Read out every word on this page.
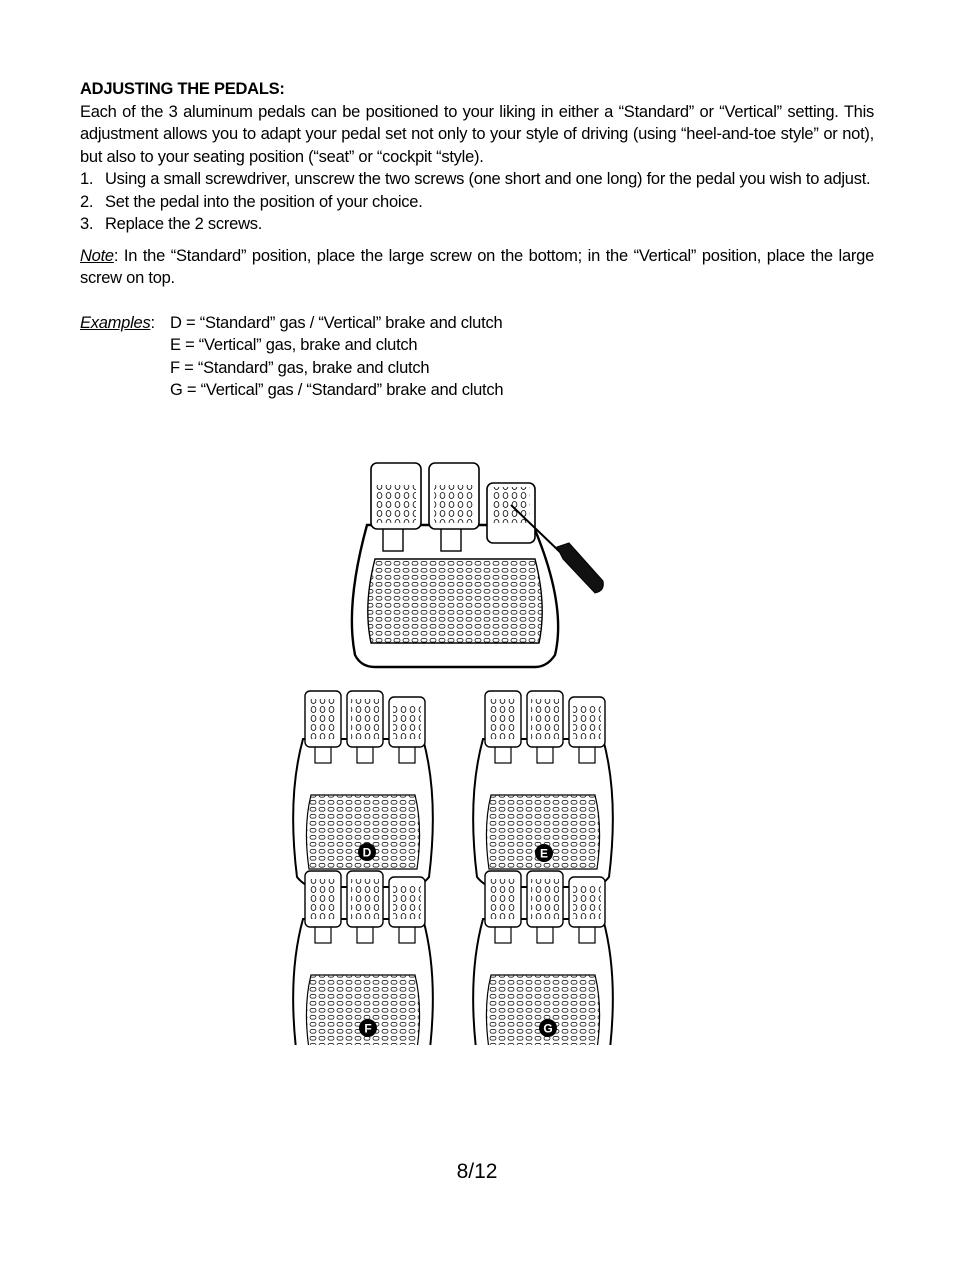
ADJUSTING THE PEDALS:

Each of the 3 aluminum pedals can be positioned to your liking in either a “Standard” or “Vertical” setting. This adjustment allows you to adapt your pedal set not only to your style of driving (using “heel-and-toe style” or not), but also to your seating position (“seat” or “cockpit “style).

1. Using a small screwdriver, unscrew the two screws (one short and one long) for the pedal you wish to adjust.
2. Set the pedal into the position of your choice.
3. Replace the 2 screws.

Note: In the “Standard” position, place the large screw on the bottom; in the “Vertical” position, place the large screw on top.

Examples: D = “Standard” gas / “Vertical” brake and clutch
E = “Vertical” gas, brake and clutch
F = “Standard” gas, brake and clutch
G = “Vertical” gas / “Standard” brake and clutch
D	E
F	G
8/12
